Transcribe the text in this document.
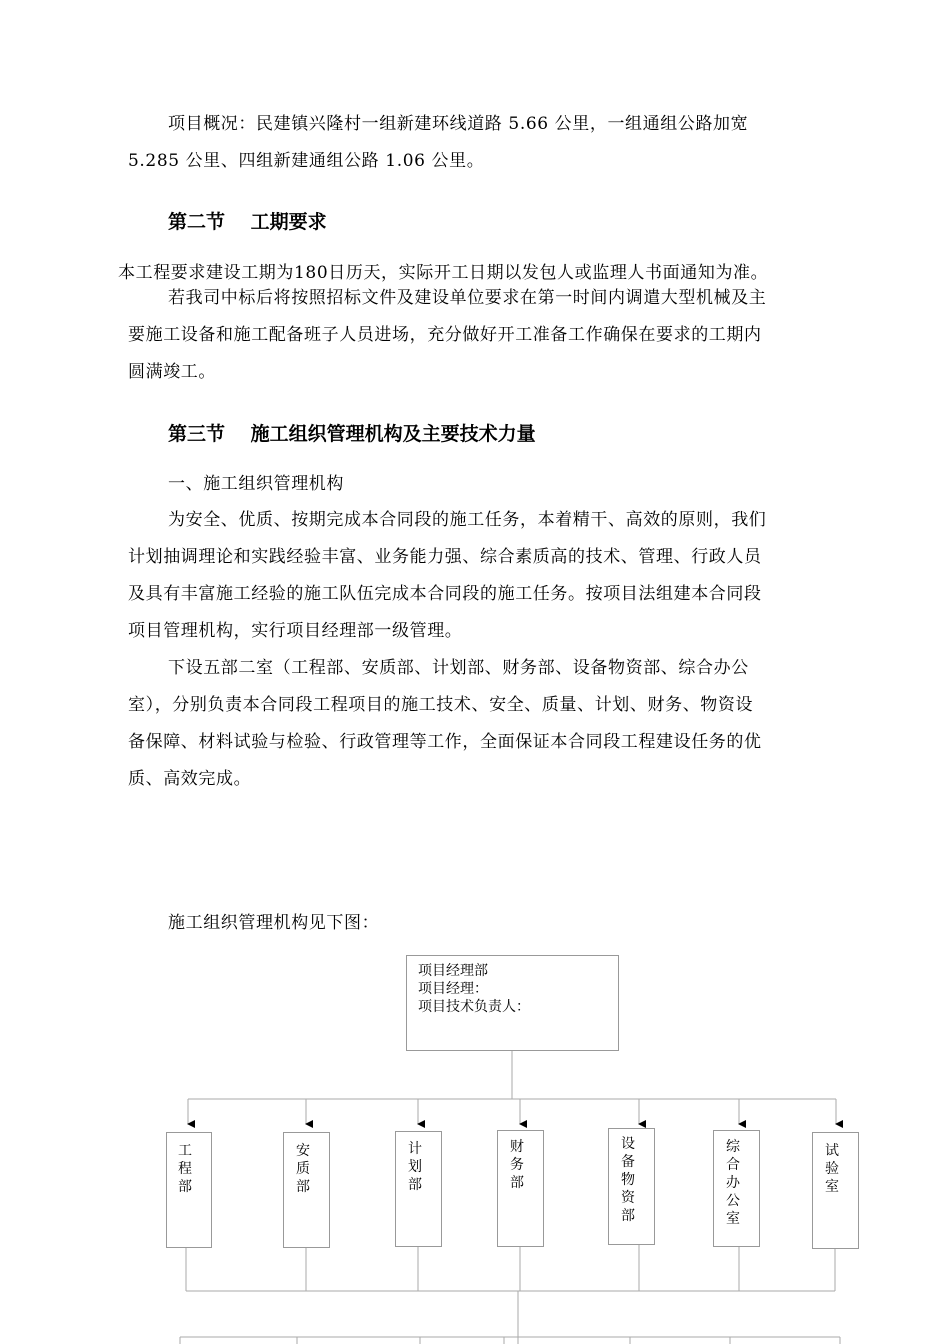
项目概况：民建镇兴隆村一组新建环线道路 5.66 公里，一组通组公路加宽
5.285 公里、四组新建通组公路 1.06 公里。
第二节　 工期要求
本工程要求建设工期为180日历天，实际开工日期以发包人或监理人书面通知为准。
若我司中标后将按照招标文件及建设单位要求在第一时间内调遣大型机械及主
要施工设备和施工配备班子人员进场，充分做好开工准备工作确保在要求的工期内
圆满竣工。
第三节　 施工组织管理机构及主要技术力量
一、施工组织管理机构
为安全、优质、按期完成本合同段的施工任务，本着精干、高效的原则，我们
计划抽调理论和实践经验丰富、业务能力强、综合素质高的技术、管理、行政人员
及具有丰富施工经验的施工队伍完成本合同段的施工任务。按项目法组建本合同段
项目管理机构，实行项目经理部一级管理。
下设五部二室（工程部、安质部、计划部、财务部、设备物资部、综合办公
室），分别负责本合同段工程项目的施工技术、安全、质量、计划、财务、物资设
备保障、材料试验与检验、行政管理等工作，全面保证本合同段工程建设任务的优
质、高效完成。
施工组织管理机构见下图：
项目经理部
项目经理：
项目技术负责人：
工程部
安质部
计划部
财务部
设备物资部
综合办公室
试验室
